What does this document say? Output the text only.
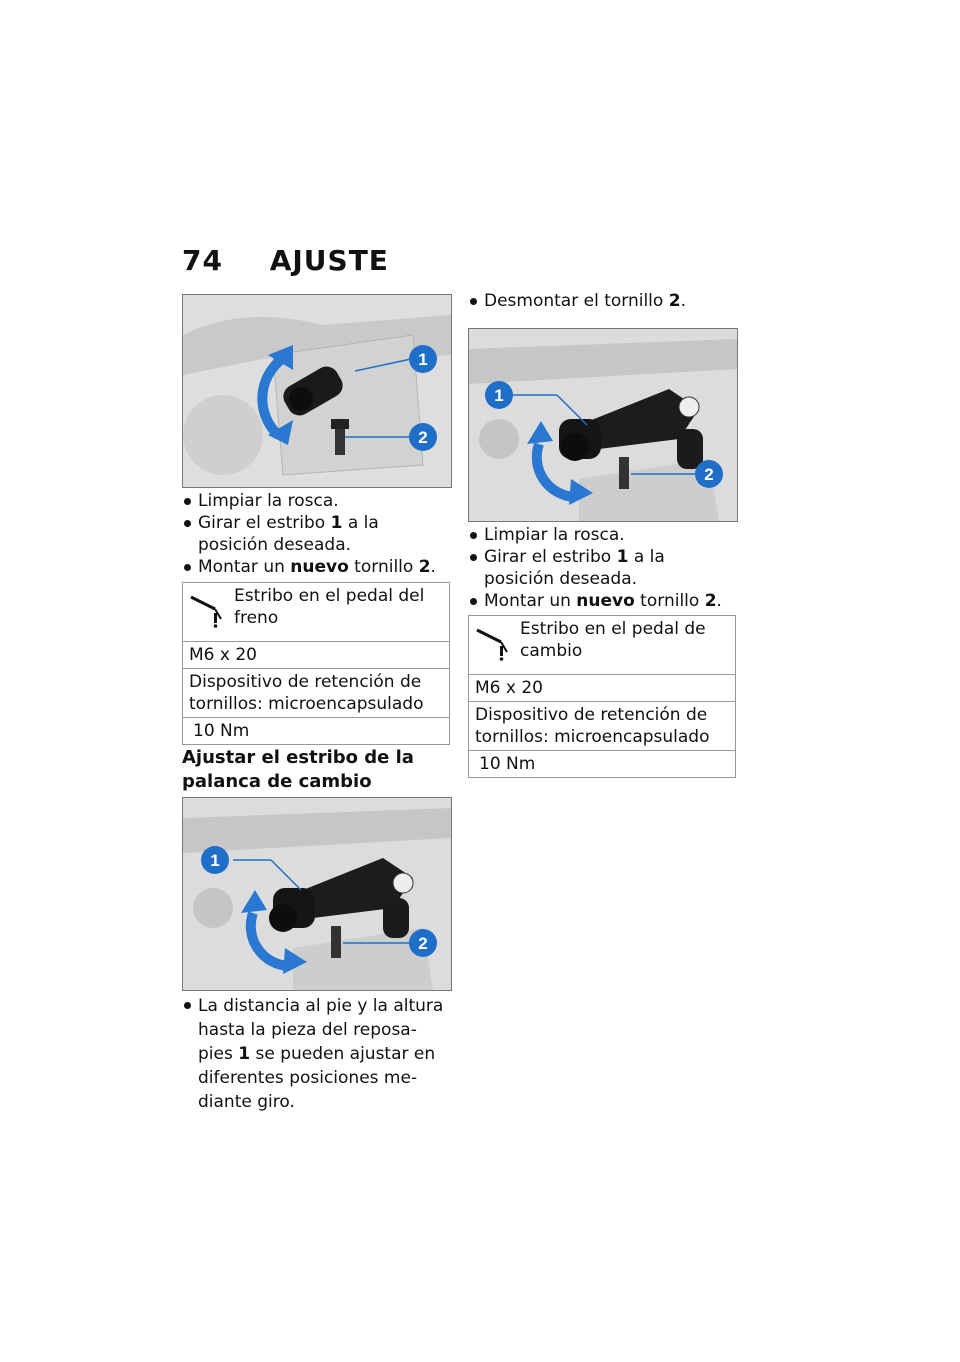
74 AJUSTE
1
2
Limpiar la rosca.
Girar el estribo 1 a la posición deseada.
Montar un nuevo tornillo 2.
Estribo en el pedal del freno
M6 x 20
Dispositivo de retención de tornillos: microencapsulado
10 Nm
Ajustar el estribo de la palanca de cambio
1
2
La distancia al pie y la altura hasta la pieza del reposa-pies 1 se pueden ajustar en diferentes posiciones me-diante giro.
Desmontar el tornillo 2.
1
2
Limpiar la rosca.
Girar el estribo 1 a la posición deseada.
Montar un nuevo tornillo 2.
Estribo en el pedal de cambio
M6 x 20
Dispositivo de retención de tornillos: microencapsulado
10 Nm
